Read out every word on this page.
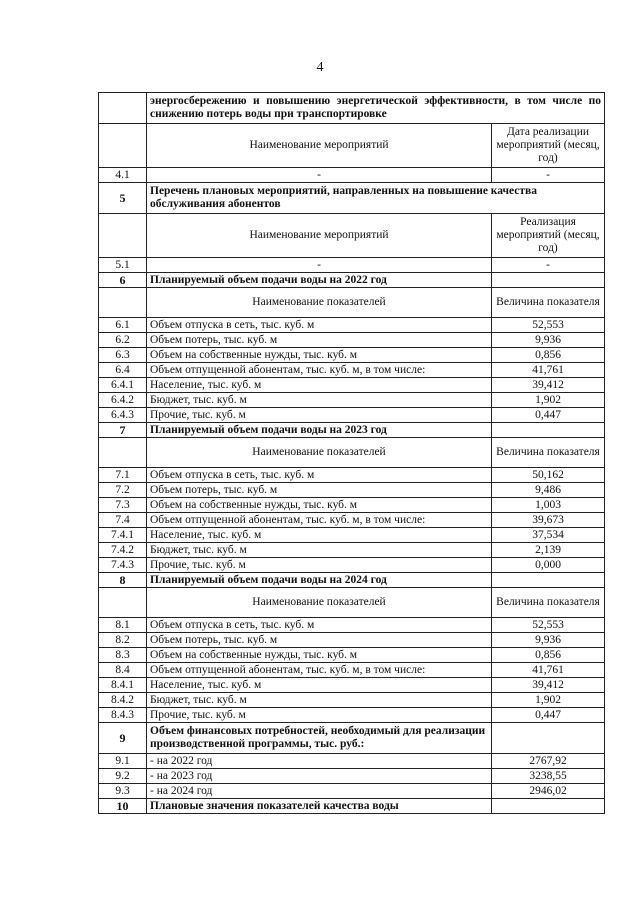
4
	энергосбережению и повышению энергетической эффективности, в том числе по снижению потерь воды при транспортировке	
	Наименование мероприятий	Дата реализации мероприятий (месяц, год)
4.1	-	-
5	Перечень плановых мероприятий, направленных на повышение качества обслуживания абонентов	
	Наименование мероприятий	Реализация мероприятий (месяц, год)
5.1	-	-
6	Планируемый объем подачи воды на 2022 год	
	Наименование показателей	Величина показателя
6.1	Объем отпуска в сеть, тыс. куб. м	52,553
6.2	Объем потерь, тыс. куб. м	9,936
6.3	Объем на собственные нужды, тыс. куб. м	0,856
6.4	Объем отпущенной абонентам, тыс. куб. м, в том числе:	41,761
6.4.1	Население, тыс. куб. м	39,412
6.4.2	Бюджет, тыс. куб. м	1,902
6.4.3	Прочие, тыс. куб. м	0,447
7	Планируемый объем подачи воды на 2023 год	
	Наименование показателей	Величина показателя
7.1	Объем отпуска в сеть, тыс. куб. м	50,162
7.2	Объем потерь, тыс. куб. м	9,486
7.3	Объем на собственные нужды, тыс. куб. м	1,003
7.4	Объем отпущенной абонентам, тыс. куб. м, в том числе:	39,673
7.4.1	Население, тыс. куб. м	37,534
7.4.2	Бюджет, тыс. куб. м	2,139
7.4.3	Прочие, тыс. куб. м	0,000
8	Планируемый объем подачи воды на 2024 год	
	Наименование показателей	Величина показателя
8.1	Объем отпуска в сеть, тыс. куб. м	52,553
8.2	Объем потерь, тыс. куб. м	9,936
8.3	Объем на собственные нужды, тыс. куб. м	0,856
8.4	Объем отпущенной абонентам, тыс. куб. м, в том числе:	41,761
8.4.1	Население, тыс. куб. м	39,412
8.4.2	Бюджет, тыс. куб. м	1,902
8.4.3	Прочие, тыс. куб. м	0,447
9	Объем финансовых потребностей, необходимый для реализации производственной программы, тыс. руб.:	
9.1	- на 2022 год	2767,92
9.2	- на 2023 год	3238,55
9.3	- на 2024 год	2946,02
10	Плановые значения показателей качества воды	
